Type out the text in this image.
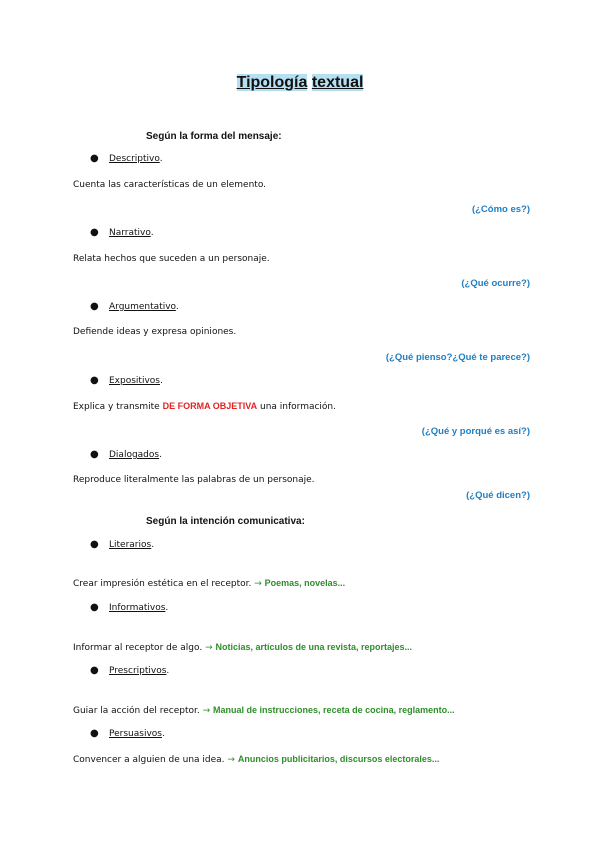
Tipología textual
Según la forma del mensaje:
● Descriptivo.
Cuenta las características de un elemento.
(¿Cómo es?)
● Narrativo.
Relata hechos que suceden a un personaje.
(¿Qué ocurre?)
● Argumentativo.
Defiende ideas y expresa opiniones.
(¿Qué pienso?¿Qué te parece?)
● Expositivos.
Explica y transmite DE FORMA OBJETIVA una información.
(¿Qué y porqué es así?)
● Dialogados.
Reproduce literalmente las palabras de un personaje.
(¿Qué dicen?)
Según la intención comunicativa:
● Literarios.
Crear impresión estética en el receptor. → Poemas, novelas...
● Informativos.
Informar al receptor de algo. → Noticias, artículos de una revista, reportajes...
● Prescriptivos.
Guiar la acción del receptor. → Manual de instrucciones, receta de cocina, reglamento...
● Persuasivos.
Convencer a alguien de una idea. → Anuncios publicitarios, discursos electorales...
